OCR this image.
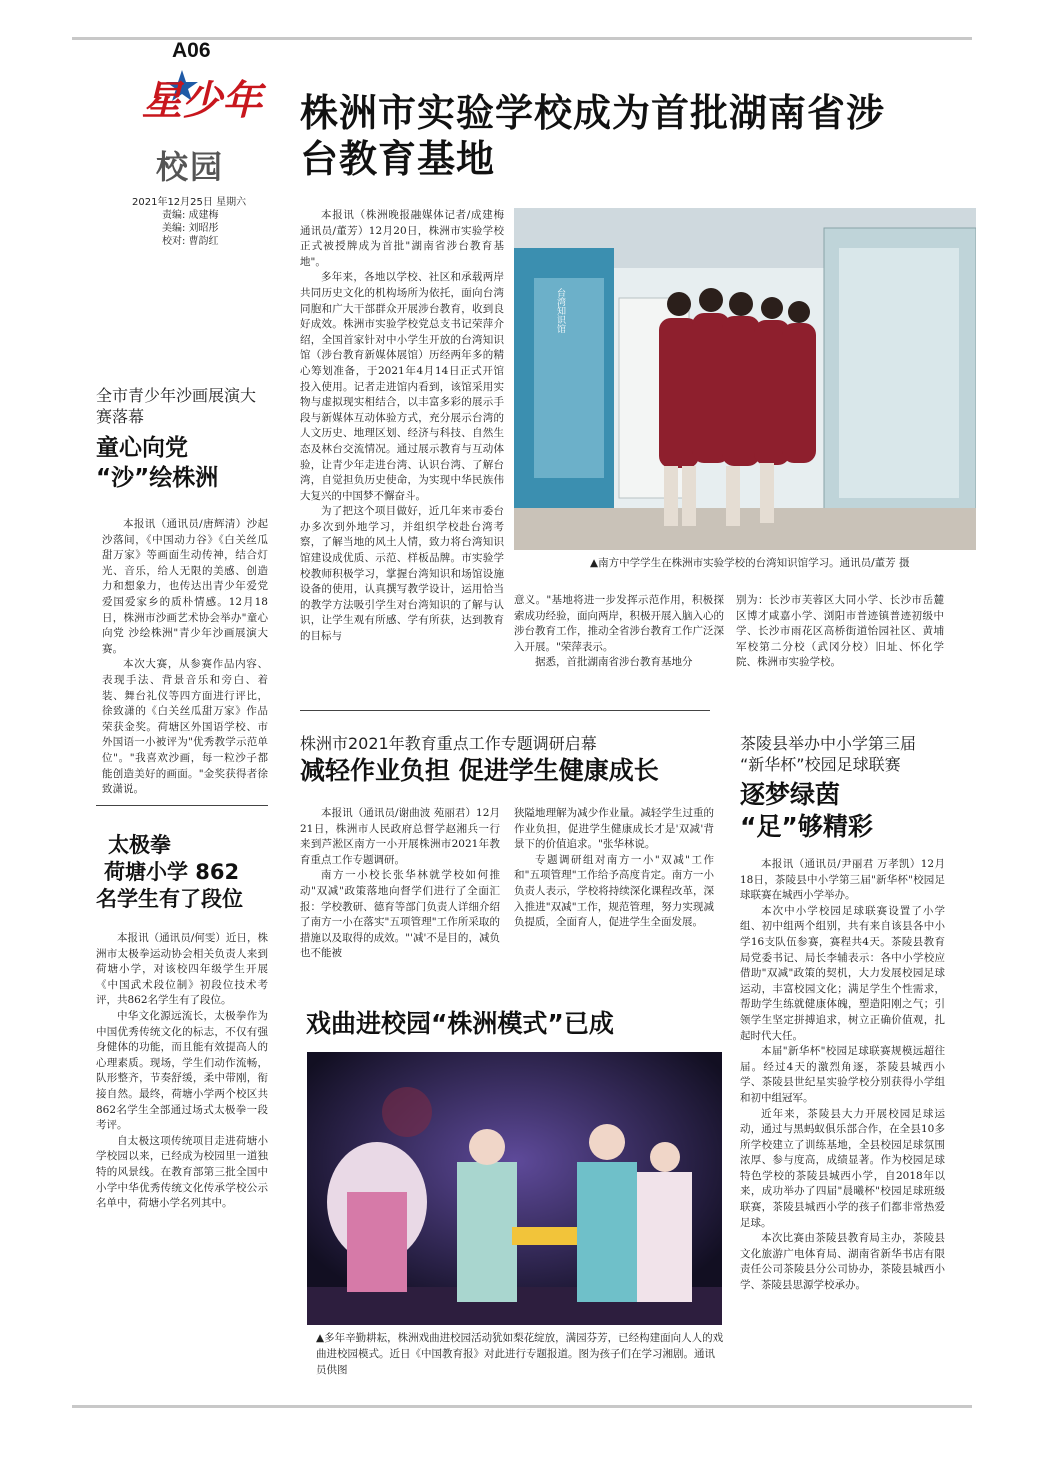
A06
星少年
校园
2021年12月25日 星期六
责编: 成建梅
美编: 刘昭彤
校对: 曹韵红
株洲市实验学校成为首批湖南省涉
台教育基地

本报讯（株洲晚报融媒体记者/成建梅 通讯员/董芳）12月20日，株洲市实验学校正式被授牌成为首批"湖南省涉台教育基地"。

多年来，各地以学校、社区和承载两岸共同历史文化的机构场所为依托，面向台湾同胞和广大干部群众开展涉台教育，收到良好成效。株洲市实验学校党总支书记荣萍介绍，全国首家针对中小学生开放的台湾知识馆（涉台教育新媒体展馆）历经两年多的精心筹划准备，于2021年4月14日正式开馆投入使用。记者走进馆内看到，该馆采用实物与虚拟现实相结合，以丰富多彩的展示手段与新媒体互动体验方式，充分展示台湾的人文历史、地理区划、经济与科技、自然生态及林台交流情况。通过展示教育与互动体验，让青少年走进台湾、认识台湾、了解台湾，自觉担负历史使命，为实现中华民族伟大复兴的中国梦不懈奋斗。

为了把这个项目做好，近几年来市委台办多次到外地学习，并组织学校赴台湾考察，了解当地的风土人情，致力将台湾知识馆建设成优质、示范、样板品牌。市实验学校教师积极学习，掌握台湾知识和场馆设施设备的使用，认真撰写教学设计，运用恰当的教学方法吸引学生对台湾知识的了解与认识，让学生观有所感、学有所获，达到教育的目标与

台湾知识馆
▲南方中学学生在株洲市实验学校的台湾知识馆学习。通讯员/董芳 摄

意义。"基地将进一步发挥示范作用，积极探索成功经验，面向两岸，积极开展入脑入心的涉台教育工作，推动全省涉台教育工作广泛深入开展。"荣萍表示。

据悉，首批湖南省涉台教育基地分

别为：长沙市芙蓉区大同小学、长沙市岳麓区博才咸嘉小学、浏阳市普迹镇普迹初级中学、长沙市雨花区高桥街道怡园社区、黄埔军校第二分校（武冈分校）旧址、怀化学院、株洲市实验学校。

全市青少年沙画展演大赛落幕
童心向党
“沙”绘株洲

本报讯（通讯员/唐辉清）沙起沙落间，《中国动力谷》《白关丝瓜甜万家》等画面生动传神，结合灯光、音乐，给人无限的美感、创造力和想象力，也传达出青少年爱党爱国爱家乡的质朴情感。12月18日，株洲市沙画艺术协会举办"童心向党 沙绘株洲"青少年沙画展演大赛。

本次大赛，从参赛作品内容、表现手法、背景音乐和旁白、着装、舞台礼仪等四方面进行评比，徐致潇的《白关丝瓜甜万家》作品荣获金奖。荷塘区外国语学校、市外国语一小被评为"优秀教学示范单位"。"我喜欢沙画，每一粒沙子都能创造美好的画面。"金奖获得者徐致潇说。

太极拳
荷塘小学 862
名学生有了段位

本报讯（通讯员/何雯）近日，株洲市太极拳运动协会相关负责人来到荷塘小学，对该校四年级学生开展《中国武术段位制》初段位技术考评，共862名学生有了段位。

中华文化源远流长，太极拳作为中国优秀传统文化的标志，不仅有强身健体的功能，而且能有效提高人的心理素质。现场，学生们动作流畅，队形整齐，节奏舒缓，柔中带刚，衔接自然。最终，荷塘小学两个校区共862名学生全部通过场式太极拳一段考评。

自太极这项传统项目走进荷塘小学校园以来，已经成为校园里一道独特的风景线。在教育部第三批全国中小学中华优秀传统文化传承学校公示名单中，荷塘小学名列其中。

株洲市2021年教育重点工作专题调研启幕
减轻作业负担 促进学生健康成长

本报讯（通讯员/谢曲波 苑丽君）12月21日，株洲市人民政府总督学赵湘兵一行来到芦淞区南方一小开展株洲市2021年教育重点工作专题调研。

南方一小校长张华林就学校如何推动"双减"政策落地向督学们进行了全面汇报：学校教研、德育等部门负责人详细介绍了南方一小在落实"五项管理"工作所采取的措施以及取得的成效。"'减'不是目的，减负也不能被

狭隘地理解为减少作业量。减轻学生过重的作业负担，促进学生健康成长才是'双减'背景下的价值追求。"张华林说。

专题调研组对南方一小"双减"工作和"五项管理"工作给予高度肯定。南方一小负责人表示，学校将持续深化课程改革，深入推进"双减"工作，规范管理，努力实现减负提质，全面育人，促进学生全面发展。

茶陵县举办中小学第三届
“新华杯”校园足球联赛
逐梦绿茵
“足”够精彩

本报讯（通讯员/尹丽君 万孝凯）12月18日，茶陵县中小学第三届"新华杯"校园足球联赛在城西小学举办。

本次中小学校园足球联赛设置了小学组、初中组两个组别，共有来自该县各中小学16支队伍参赛，赛程共4天。茶陵县教育局党委书记、局长李辅表示：各中小学校应借助"双减"政策的契机，大力发展校园足球运动，丰富校园文化；满足学生个性需求，帮助学生练就健康体魄，塑造阳刚之气；引领学生坚定拼搏追求，树立正确价值观，扎起时代大任。

本届"新华杯"校园足球联赛规模远超往届。经过4天的激烈角逐，茶陵县城西小学、茶陵县世纪星实验学校分别获得小学组和初中组冠军。

近年来，茶陵县大力开展校园足球运动，通过与黑蚂蚁俱乐部合作，在全县10多所学校建立了训练基地，全县校园足球氛围浓厚、参与度高，成绩显著。作为校园足球特色学校的茶陵县城西小学，自2018年以来，成功举办了四届"晨曦杯"校园足球班级联赛，茶陵县城西小学的孩子们都非常热爱足球。

本次比赛由茶陵县教育局主办，茶陵县文化旅游广电体育局、湖南省新华书店有限责任公司茶陵县分公司协办，茶陵县城西小学、茶陵县思源学校承办。

戏曲进校园“株洲模式”已成
▲多年辛勤耕耘，株洲戏曲进校园活动犹如梨花绽放，满园芬芳，已经构建面向人人的戏曲进校园模式。近日《中国教育报》对此进行专题报道。图为孩子们在学习湘剧。通讯员供图
